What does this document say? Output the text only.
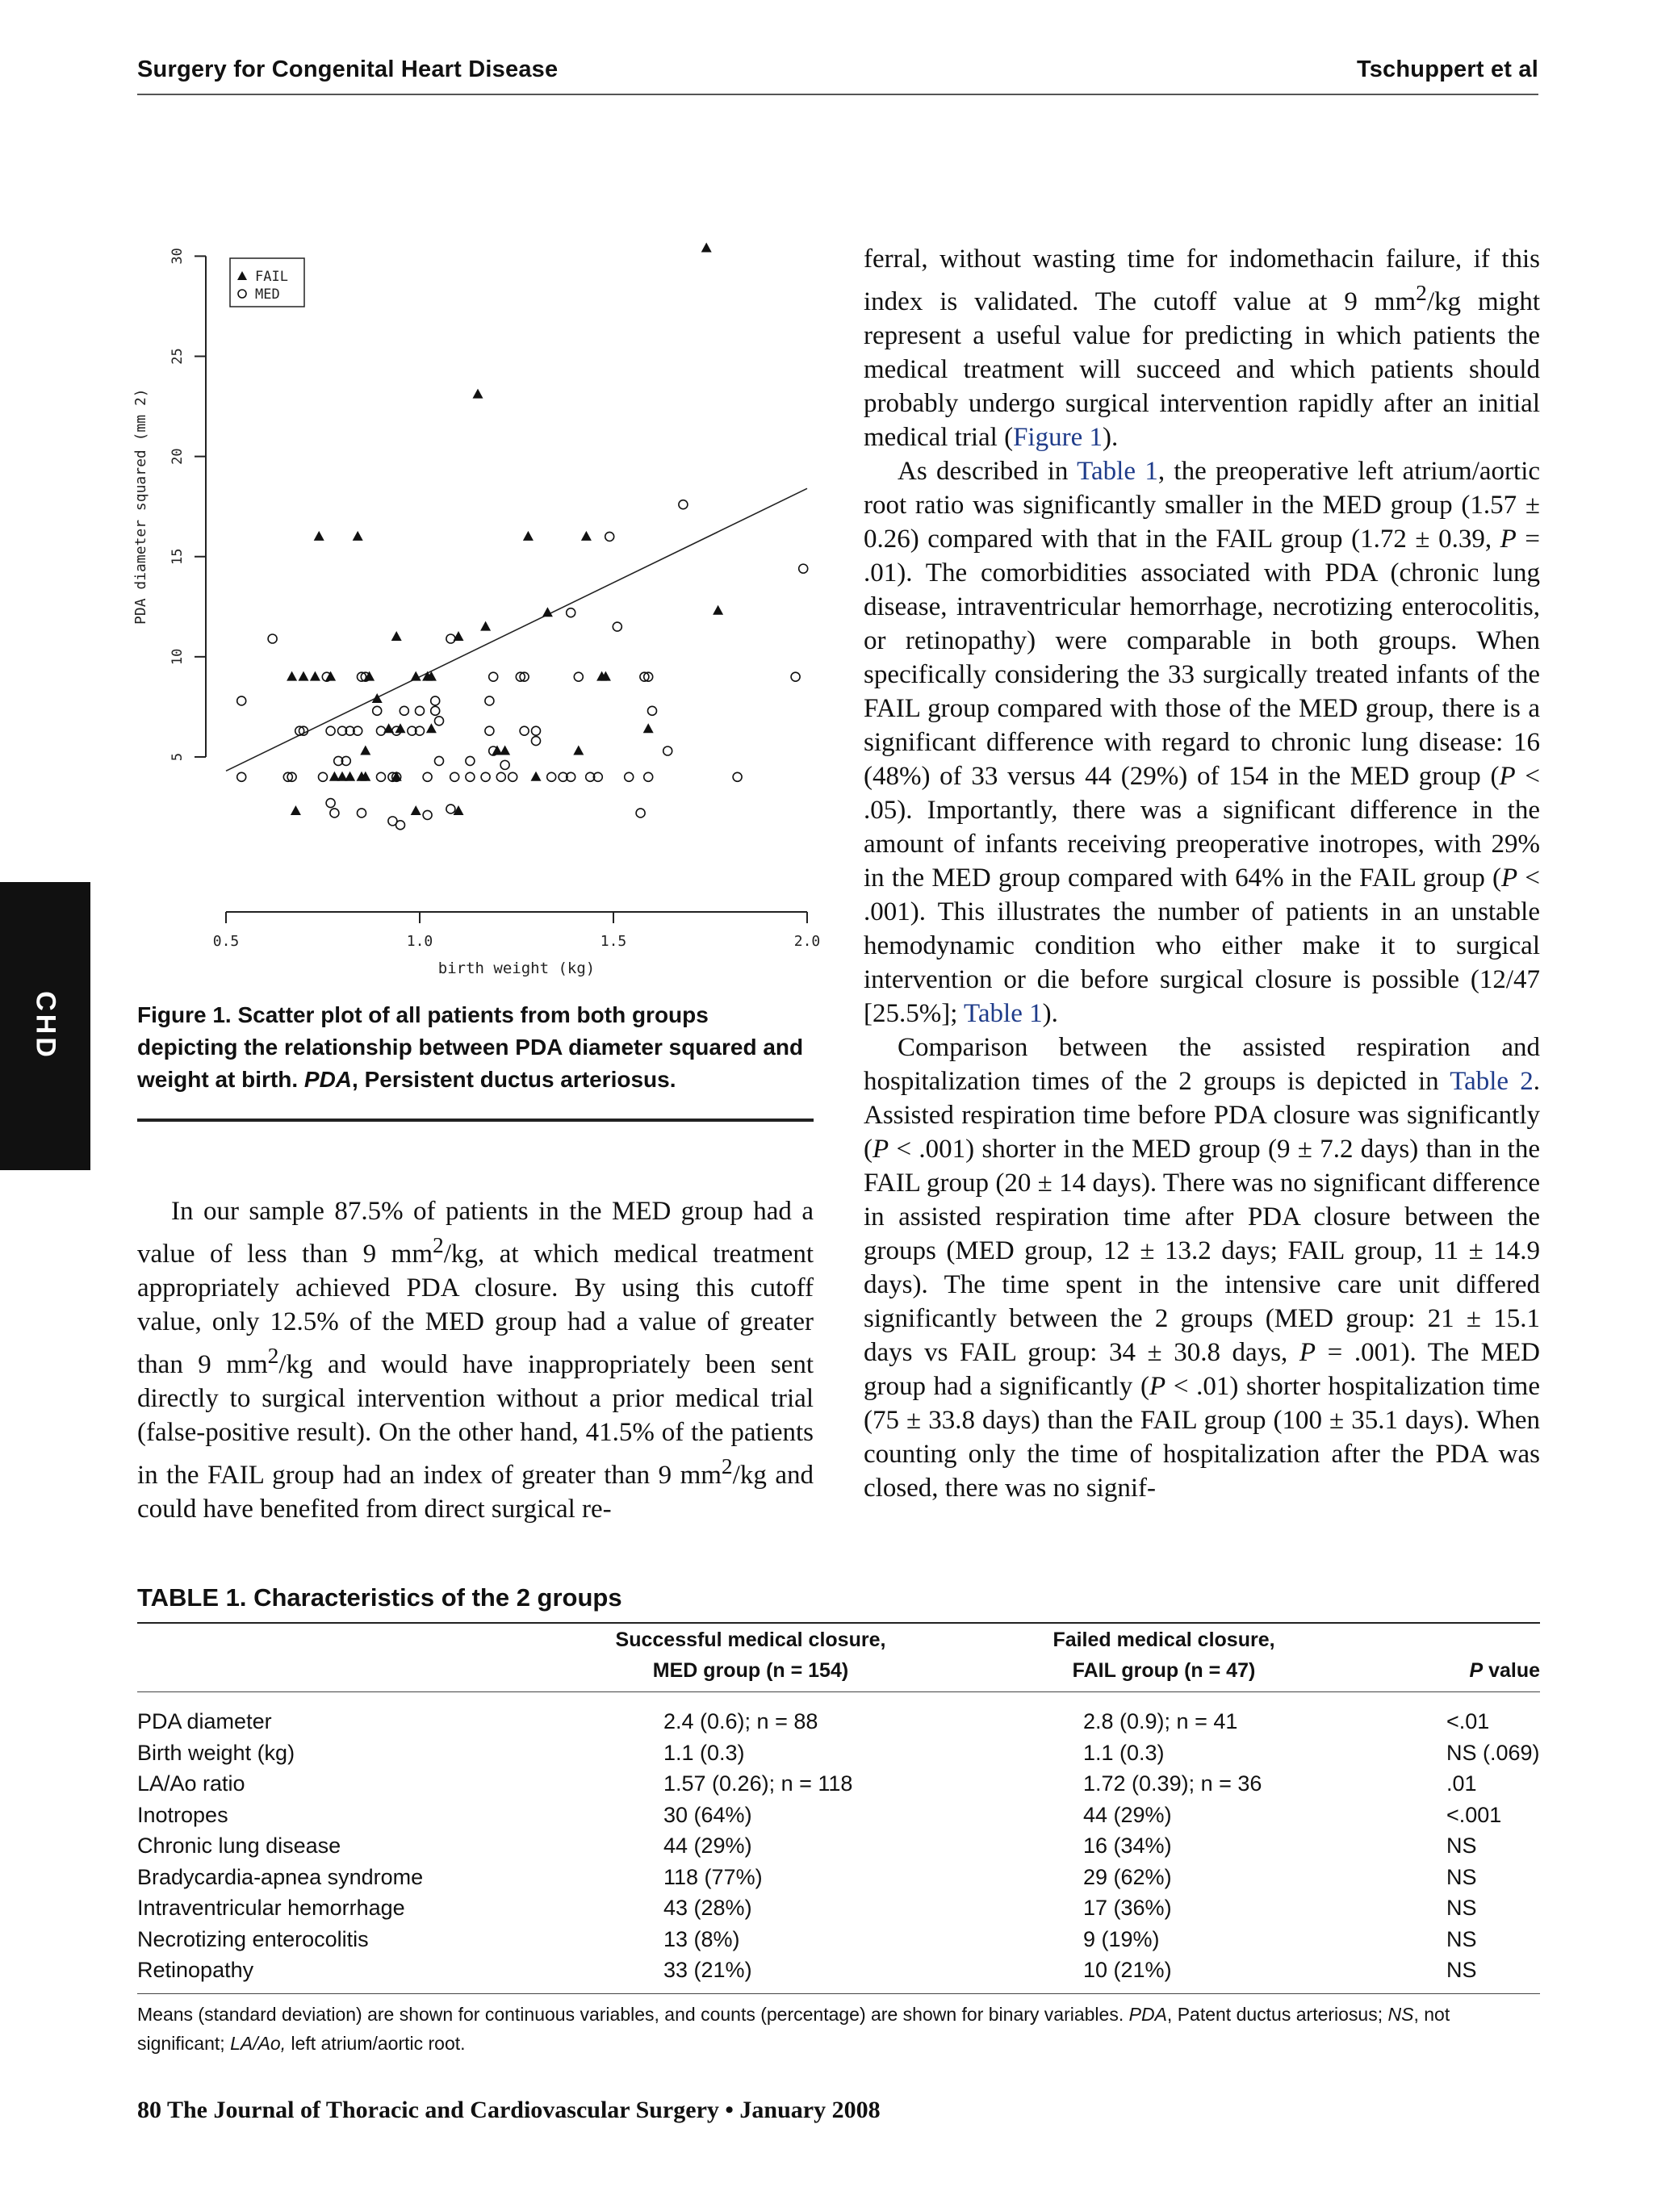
Surgery for Congenital Heart Disease	Tschuppert et al
CHD
5
10
15
20
25
30
0.5	1.0	1.5	2.0
birth weight (kg)
PDA diameter squared (mm 2)
FAIL
MED
Figure 1. Scatter plot of all patients from both groups depicting the relationship between PDA diameter squared and weight at birth. PDA, Persistent ductus arteriosus.

In our sample 87.5% of patients in the MED group had a value of less than 9 $mm^2/kg$, at which medical treatment appropriately achieved PDA closure. By using this cutoff value, only 12.5% of the MED group had a value of greater than 9 $mm^2/kg$ and would have inappropriately been sent directly to surgical intervention without a prior medical trial (false-positive result). On the other hand, 41.5% of the patients in the FAIL group had an index of greater than 9 $mm^2/kg$ and could have benefited from direct surgical re-

ferral, without wasting time for indomethacin failure, if this index is validated. The cutoff value at 9 $mm^2/kg$ might represent a useful value for predicting in which patients the medical treatment will succeed and which patients should probably undergo surgical intervention rapidly after an initial medical trial (Figure 1).

As described in Table 1, the preoperative left atrium/aortic root ratio was significantly smaller in the MED group (1.57 ± 0.26) compared with that in the FAIL group (1.72 ± 0.39, P = .01). The comorbidities associated with PDA (chronic lung disease, intraventricular hemorrhage, necrotizing enterocolitis, or retinopathy) were comparable in both groups. When specifically considering the 33 surgically treated infants of the FAIL group compared with those of the MED group, there is a significant difference with regard to chronic lung disease: 16 (48%) of 33 versus 44 (29%) of 154 in the MED group (P < .05). Importantly, there was a significant difference in the amount of infants receiving preoperative inotropes, with 29% in the MED group compared with 64% in the FAIL group (P < .001). This illustrates the number of patients in an unstable hemodynamic condition who either make it to surgical intervention or die before surgical closure is possible (12/47 [25.5%]; Table 1).

Comparison between the assisted respiration and hospitalization times of the 2 groups is depicted in Table 2. Assisted respiration time before PDA closure was significantly (P < .001) shorter in the MED group (9 ± 7.2 days) than in the FAIL group (20 ± 14 days). There was no significant difference in assisted respiration time after PDA closure between the groups (MED group, 12 ± 13.2 days; FAIL group, 11 ± 14.9 days). The time spent in the intensive care unit differed significantly between the 2 groups (MED group: 21 ± 15.1 days vs FAIL group: 34 ± 30.8 days, P = .001). The MED group had a significantly (P < .01) shorter hospitalization time (75 ± 33.8 days) than the FAIL group (100 ± 35.1 days). When counting only the time of hospitalization after the PDA was closed, there was no signif-

TABLE 1. Characteristics of the 2 groups
Successful medical closure,
MED group (n = 154)
Failed medical closure,
FAIL group (n = 47)	P value
PDA diameter	2.4 (0.6); n = 88	2.8 (0.9); n = 41	<.01
Birth weight (kg)	1.1 (0.3)	1.1 (0.3)	NS (.069)
LA/Ao ratio	1.57 (0.26); n = 118	1.72 (0.39); n = 36	.01
Inotropes	30 (64%)	44 (29%)	<.001
Chronic lung disease	44 (29%)	16 (34%)	NS
Bradycardia-apnea syndrome	118 (77%)	29 (62%)	NS
Intraventricular hemorrhage	43 (28%)	17 (36%)	NS
Necrotizing enterocolitis	13 (8%)	9 (19%)	NS
Retinopathy	33 (21%)	10 (21%)	NS
Means (standard deviation) are shown for continuous variables, and counts (percentage) are shown for binary variables. PDA, Patent ductus arteriosus; NS, not significant; LA/Ao, left atrium/aortic root.
80 The Journal of Thoracic and Cardiovascular Surgery • January 2008
